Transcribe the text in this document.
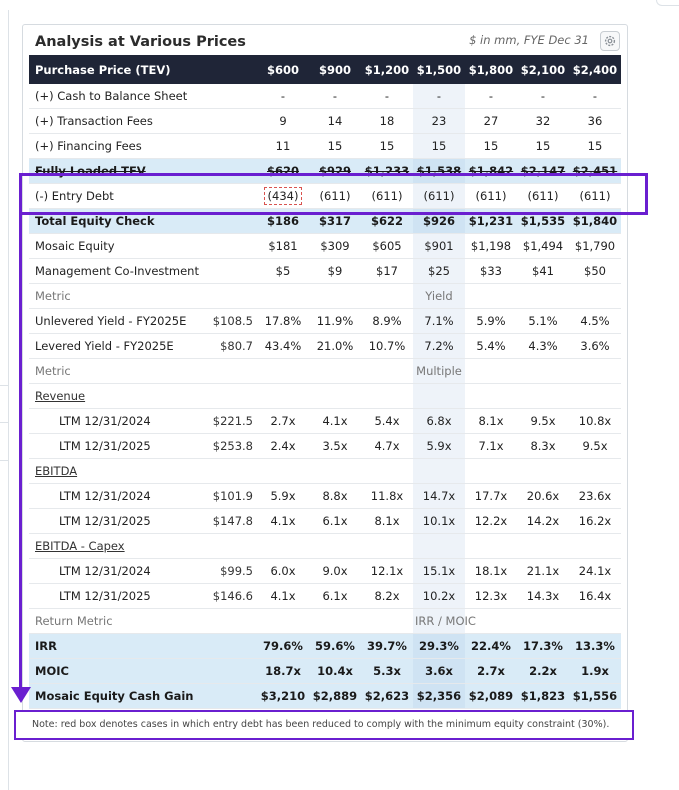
Analysis at Various Prices	$ in mm, FYE Dec 31
Purchase Price (TEV)		$600	$900	$1,200	$1,500	$1,800	$2,100	$2,400
(+) Cash to Balance Sheet		-	-	-	-	-	-	-
(+) Transaction Fees		9	14	18	23	27	32	36
(+) Financing Fees		11	15	15	15	15	15	15
Fully Loaded TEV		$620	$929	$1,233	$1,538	$1,842	$2,147	$2,451
(-) Entry Debt		(434)	(611)	(611)	(611)	(611)	(611)	(611)
Total Equity Check		$186	$317	$622	$926	$1,231	$1,535	$1,840
Mosaic Equity		$181	$309	$605	$901	$1,198	$1,494	$1,790
Management Co-Investment		$5	$9	$17	$25	$33	$41	$50
Metric					Yield			
Unlevered Yield - FY2025E	$108.5	17.8%	11.9%	8.9%	7.1%	5.9%	5.1%	4.5%
Levered Yield - FY2025E	$80.7	43.4%	21.0%	10.7%	7.2%	5.4%	4.3%	3.6%
Metric					Multiple			
Revenue								
LTM 12/31/2024	$221.5	2.7x	4.1x	5.4x	6.8x	8.1x	9.5x	10.8x
LTM 12/31/2025	$253.8	2.4x	3.5x	4.7x	5.9x	7.1x	8.3x	9.5x
EBITDA								
LTM 12/31/2024	$101.9	5.9x	8.8x	11.8x	14.7x	17.7x	20.6x	23.6x
LTM 12/31/2025	$147.8	4.1x	6.1x	8.1x	10.1x	12.2x	14.2x	16.2x
EBITDA - Capex								
LTM 12/31/2024	$99.5	6.0x	9.0x	12.1x	15.1x	18.1x	21.1x	24.1x
LTM 12/31/2025	$146.6	4.1x	6.1x	8.2x	10.2x	12.3x	14.3x	16.4x
Return Metric					IRR / MOIC			
IRR		79.6%	59.6%	39.7%	29.3%	22.4%	17.3%	13.3%
MOIC		18.7x	10.4x	5.3x	3.6x	2.7x	2.2x	1.9x
Mosaic Equity Cash Gain		$3,210	$2,889	$2,623	$2,356	$2,089	$1,823	$1,556
Note: red box denotes cases in which entry debt has been reduced to comply with the minimum equity constraint (30%).
